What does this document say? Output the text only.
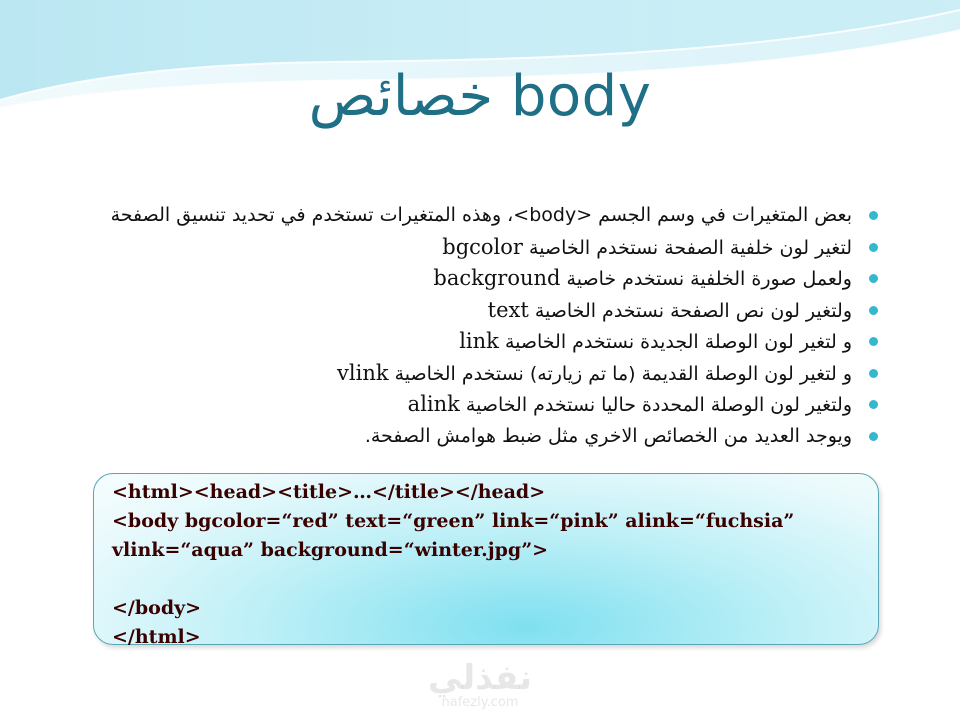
خصائص body
بعض المتغيرات في وسم الجسم <body>، وهذه المتغيرات تستخدم في تحديد تنسيق الصفحة
لتغير لون خلفية الصفحة نستخدم الخاصية bgcolor
ولعمل صورة الخلفية نستخدم خاصية background
ولتغير لون نص الصفحة نستخدم الخاصية text
و لتغير لون الوصلة الجديدة نستخدم الخاصية link
و لتغير لون الوصلة القديمة (ما تم زيارته) نستخدم الخاصية vlink
ولتغير لون الوصلة المحددة حاليا نستخدم الخاصية alink
ويوجد العديد من الخصائص الاخري مثل ضبط هوامش الصفحة.
<html><head><title>…</title></head>
<body bgcolor=“red” text=“green” link=“pink” alink=“fuchsia”
vlink=“aqua” background=“winter.jpg”>
</body>
</html>
نفذلي
nafezly.com
